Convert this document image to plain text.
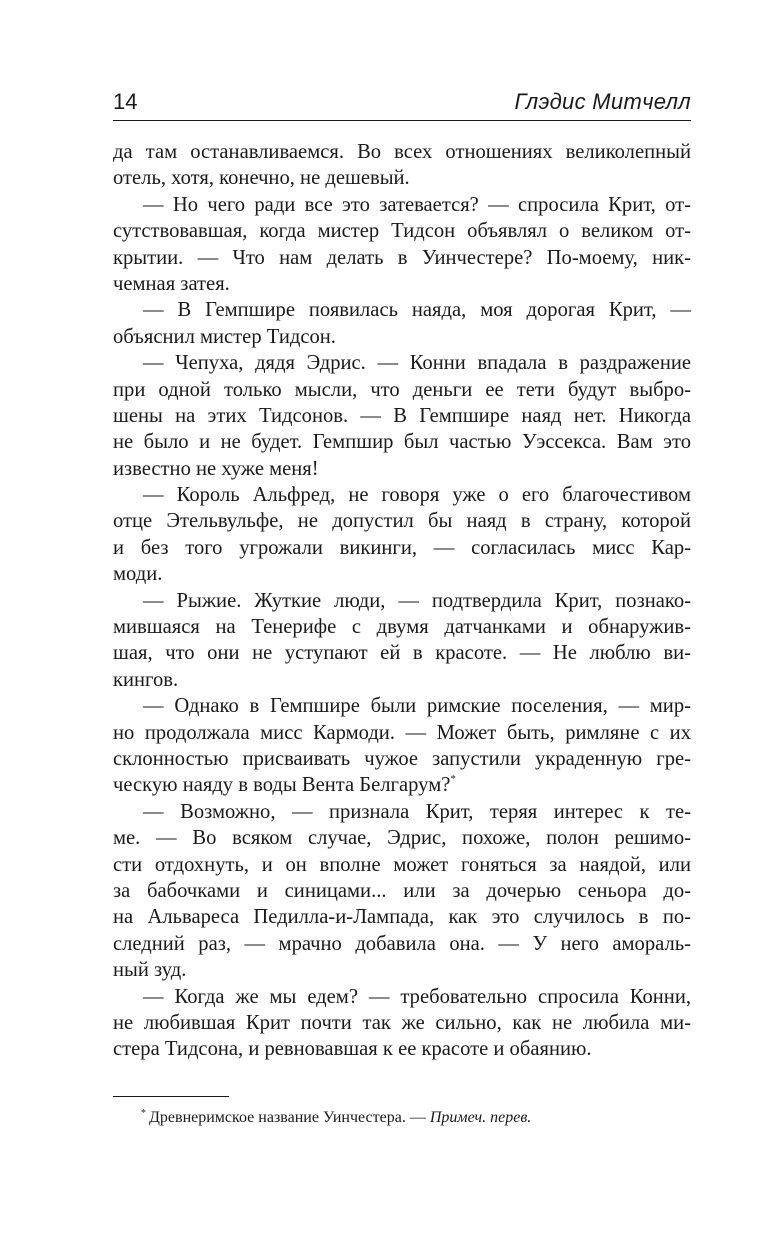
14	Глэдис Митчелл
да там останавливаемся. Во всех отношениях великолепный
отель, хотя, конечно, не дешевый.
— Но чего ради все это затевается? — спросила Крит, от-
сутствовавшая, когда мистер Тидсон объявлял о великом от-
крытии. — Что нам делать в Уинчестере? По-моему, ник-
чемная затея.
— В Гемпшире появилась наяда, моя дорогая Крит, —
объяснил мистер Тидсон.
— Чепуха, дядя Эдрис. — Конни впадала в раздражение
при одной только мысли, что деньги ее тети будут выбро-
шены на этих Тидсонов. — В Гемпшире наяд нет. Никогда
не было и не будет. Гемпшир был частью Уэссекса. Вам это
известно не хуже меня!
— Король Альфред, не говоря уже о его благочестивом
отце Этельвульфе, не допустил бы наяд в страну, которой
и без того угрожали викинги, — согласилась мисс Кар-
моди.
— Рыжие. Жуткие люди, — подтвердила Крит, познако-
мившаяся на Тенерифе с двумя датчанками и обнаружив-
шая, что они не уступают ей в красоте. — Не люблю ви-
кингов.
— Однако в Гемпшире были римские поселения, — мир-
но продолжала мисс Кармоди. — Может быть, римляне с их
склонностью присваивать чужое запустили украденную гре-
ческую наяду в воды Вента Белгарум?*
— Возможно, — признала Крит, теряя интерес к те-
ме. — Во всяком случае, Эдрис, похоже, полон решимо-
сти отдохнуть, и он вполне может гоняться за наядой, или
за бабочками и синицами... или за дочерью сеньора до-
на Альвареса Педилла-и-Лампада, как это случилось в по-
следний раз, — мрачно добавила она. — У него амораль-
ный зуд.
— Когда же мы едем? — требовательно спросила Конни,
не любившая Крит почти так же сильно, как не любила ми-
стера Тидсона, и ревновавшая к ее красоте и обаянию.
* Древнеримское название Уинчестера. — Примеч. перев.
